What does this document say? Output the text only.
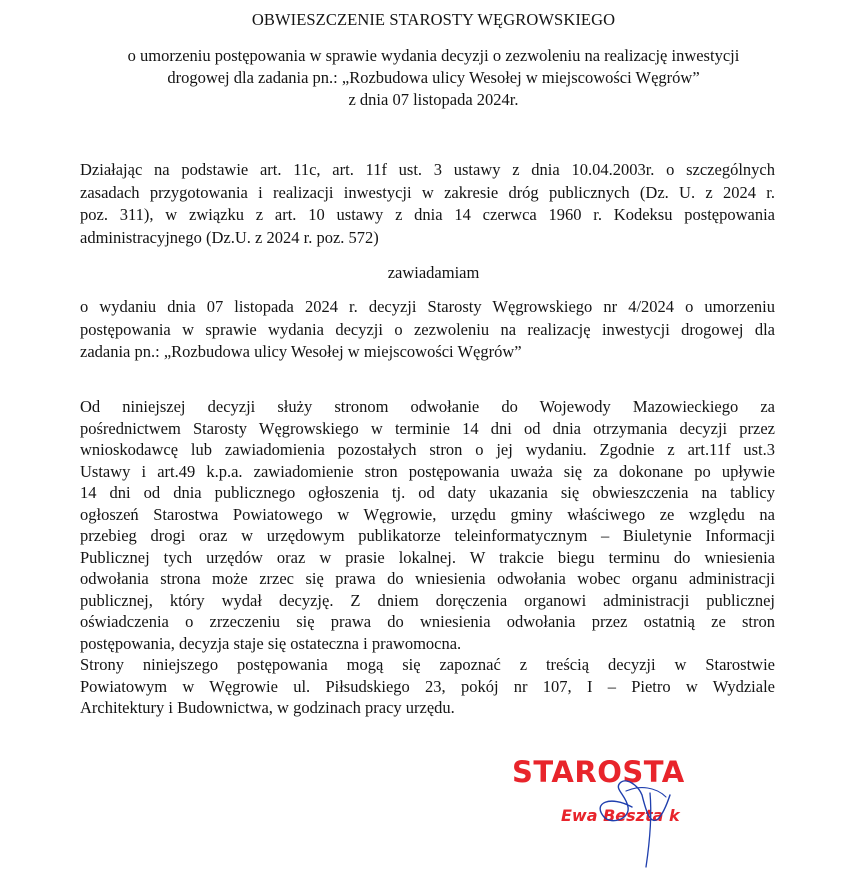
OBWIESZCZENIE STAROSTY WĘGROWSKIEGO
o umorzeniu postępowania w sprawie wydania decyzji o zezwoleniu na realizację inwestycji
drogowej dla zadania pn.: „Rozbudowa ulicy Wesołej w miejscowości Węgrów”
z dnia 07 listopada 2024r.
Działając na podstawie art. 11c, art. 11f ust. 3 ustawy z dnia 10.04.2003r. o szczególnych
zasadach przygotowania i realizacji inwestycji w zakresie dróg publicznych (Dz. U. z 2024 r.
poz. 311), w związku z art. 10 ustawy z dnia 14 czerwca 1960 r. Kodeksu postępowania
administracyjnego (Dz.U. z 2024 r. poz. 572)
zawiadamiam
o wydaniu dnia 07 listopada 2024 r. decyzji Starosty Węgrowskiego nr 4/2024 o umorzeniu
postępowania w sprawie wydania decyzji o zezwoleniu na realizację inwestycji drogowej dla
zadania pn.: „Rozbudowa ulicy Wesołej w miejscowości Węgrów”
Od niniejszej decyzji służy stronom odwołanie do Wojewody Mazowieckiego za
pośrednictwem Starosty Węgrowskiego w terminie 14 dni od dnia otrzymania decyzji przez
wnioskodawcę lub zawiadomienia pozostałych stron o jej wydaniu. Zgodnie z art.11f ust.3
Ustawy i art.49 k.p.a. zawiadomienie stron postępowania uważa się za dokonane po upływie
14 dni od dnia publicznego ogłoszenia tj. od daty ukazania się obwieszczenia na tablicy
ogłoszeń Starostwa Powiatowego w Węgrowie, urzędu gminy właściwego ze względu na
przebieg drogi oraz w urzędowym publikatorze teleinformatycznym – Biuletynie Informacji
Publicznej tych urzędów oraz w prasie lokalnej. W trakcie biegu terminu do wniesienia
odwołania strona może zrzec się prawa do wniesienia odwołania wobec organu administracji
publicznej, który wydał decyzję. Z dniem doręczenia organowi administracji publicznej
oświadczenia o zrzeczeniu się prawa do wniesienia odwołania przez ostatnią ze stron
postępowania, decyzja staje się ostateczna i prawomocna.
Strony niniejszego postępowania mogą się zapoznać z treścią decyzji w Starostwie
Powiatowym w Węgrowie ul. Piłsudskiego 23, pokój nr 107, I – Pietro w Wydziale
Architektury i Budownictwa, w godzinach pracy urzędu.
STAROSTA
Ewa Beszta k
